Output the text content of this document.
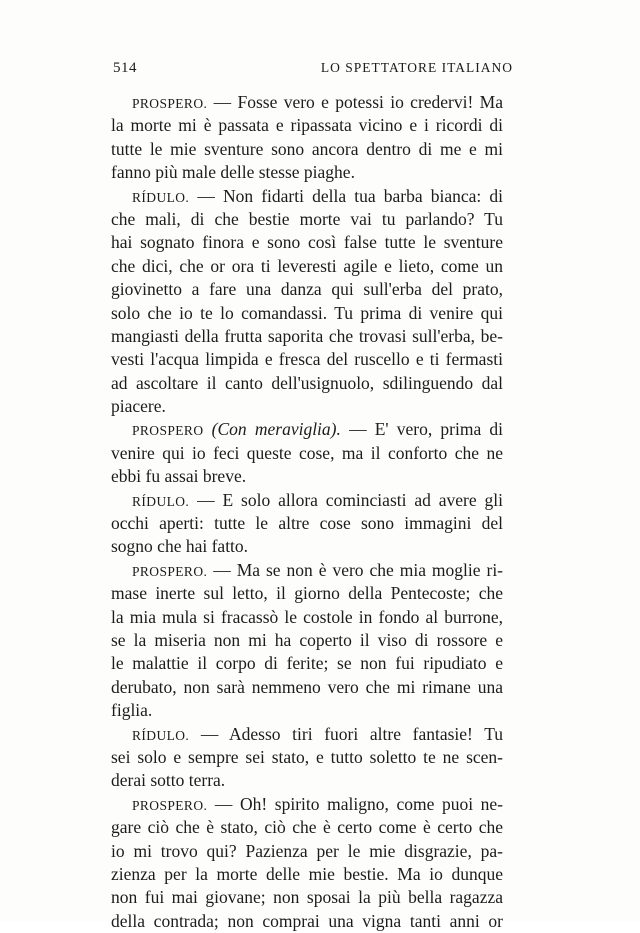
514	LO SPETTATORE ITALIANO
PROSPERO. — Fosse vero e potessi io credervi! Ma
la morte mi è passata e ripassata vicino e i ricordi di
tutte le mie sventure sono ancora dentro di me e mi
fanno più male delle stesse piaghe.
RÍDULO. — Non fidarti della tua barba bianca: di
che mali, di che bestie morte vai tu parlando? Tu
hai sognato finora e sono così false tutte le sventure
che dici, che or ora ti leveresti agile e lieto, come un
giovinetto a fare una danza qui sull'erba del prato,
solo che io te lo comandassi. Tu prima di venire qui
mangiasti della frutta saporita che trovasi sull'erba, be-
vesti l'acqua limpida e fresca del ruscello e ti fermasti
ad ascoltare il canto dell'usignuolo, sdilinguendo dal
piacere.
PROSPERO (Con meraviglia). — E' vero, prima di
venire qui io feci queste cose, ma il conforto che ne
ebbi fu assai breve.
RÍDULO. — E solo allora cominciasti ad avere gli
occhi aperti: tutte le altre cose sono immagini del
sogno che hai fatto.
PROSPERO. — Ma se non è vero che mia moglie ri-
mase inerte sul letto, il giorno della Pentecoste; che
la mia mula si fracassò le costole in fondo al burrone,
se la miseria non mi ha coperto il viso di rossore e
le malattie il corpo di ferite; se non fui ripudiato e
derubato, non sarà nemmeno vero che mi rimane una
figlia.
RÍDULO. — Adesso tiri fuori altre fantasie! Tu
sei solo e sempre sei stato, e tutto soletto te ne scen-
derai sotto terra.
PROSPERO. — Oh! spirito maligno, come puoi ne-
gare ciò che è stato, ciò che è certo come è certo che
io mi trovo qui? Pazienza per le mie disgrazie, pa-
zienza per la morte delle mie bestie. Ma io dunque
non fui mai giovane; non sposai la più bella ragazza
della contrada; non comprai una vigna tanti anni or
